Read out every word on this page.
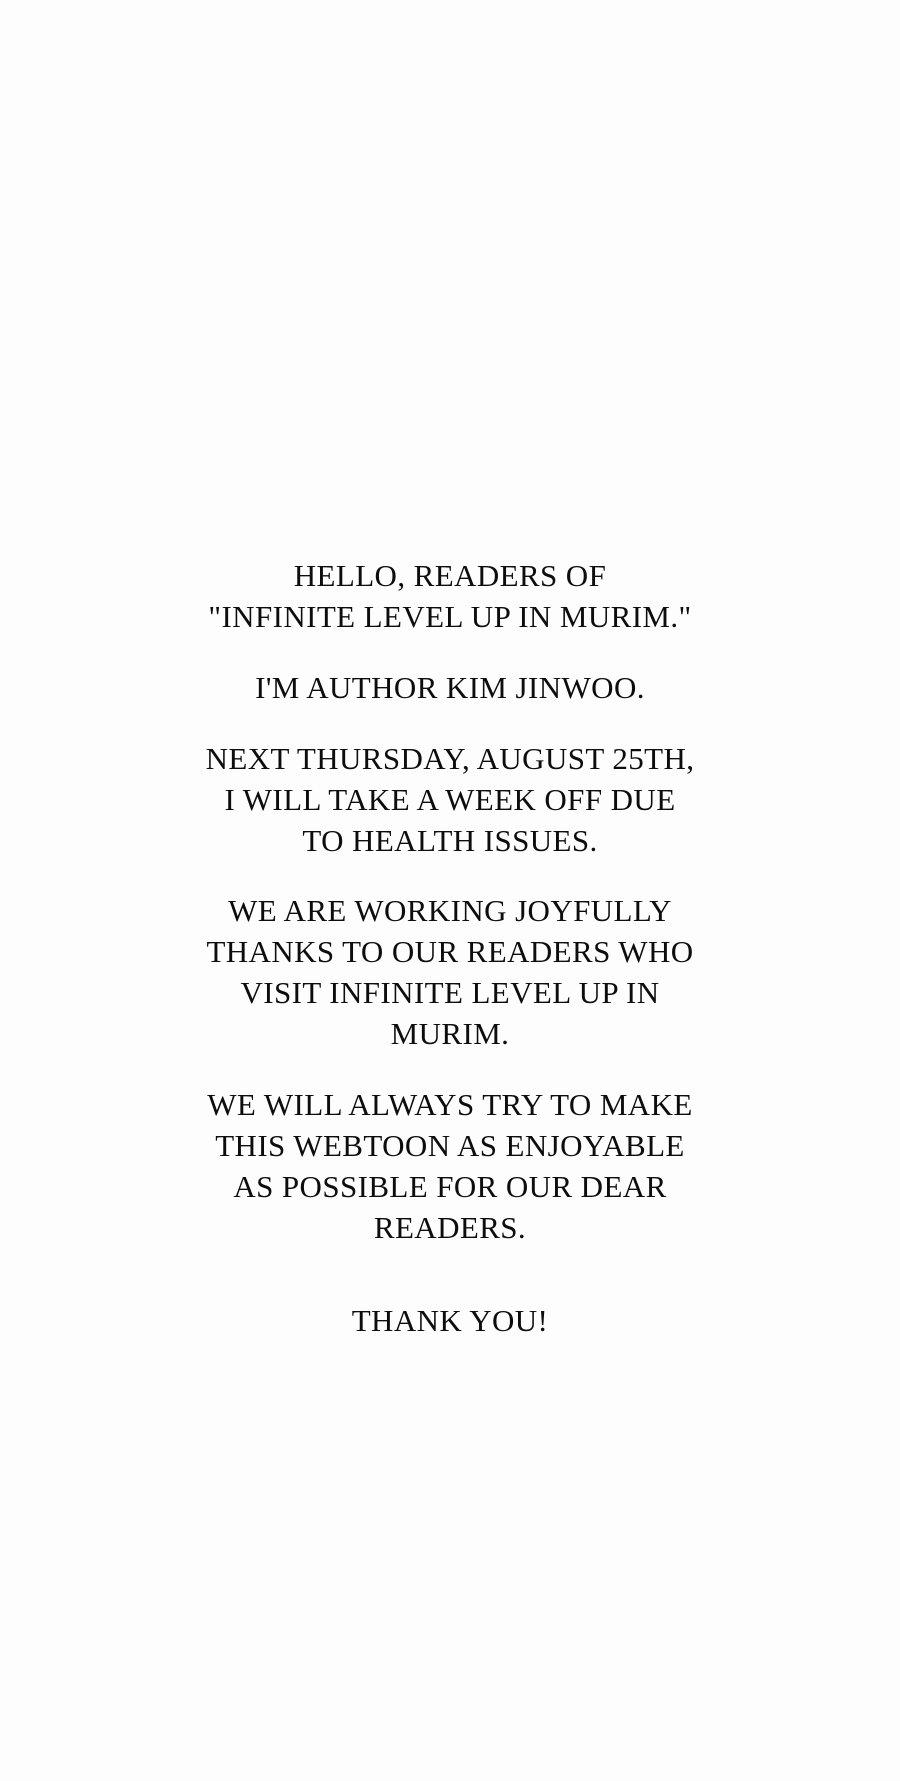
HELLO, READERS OF
"INFINITE LEVEL UP IN MURIM."

I'M AUTHOR KIM JINWOO.

NEXT THURSDAY, AUGUST 25TH,
I WILL TAKE A WEEK OFF DUE
TO HEALTH ISSUES.

WE ARE WORKING JOYFULLY
THANKS TO OUR READERS WHO
VISIT INFINITE LEVEL UP IN
MURIM.

WE WILL ALWAYS TRY TO MAKE
THIS WEBTOON AS ENJOYABLE
AS POSSIBLE FOR OUR DEAR
READERS.

THANK YOU!
